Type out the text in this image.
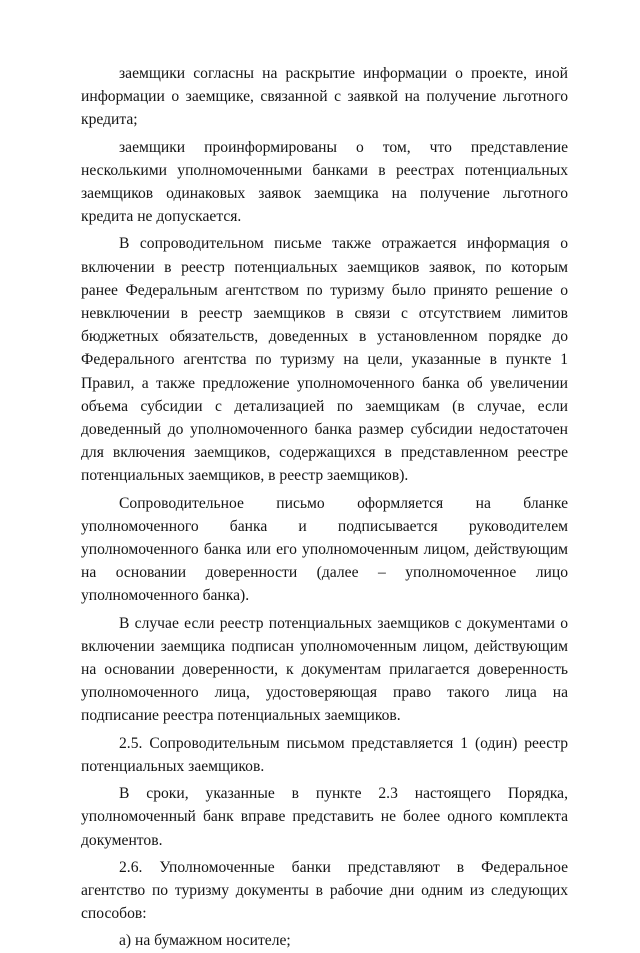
заемщики согласны на раскрытие информации о проекте, иной информации о заемщике, связанной с заявкой на получение льготного кредита;

заемщики проинформированы о том, что представление несколькими уполномоченными банками в реестрах потенциальных заемщиков одинаковых заявок заемщика на получение льготного кредита не допускается.

В сопроводительном письме также отражается информация о включении в реестр потенциальных заемщиков заявок, по которым ранее Федеральным агентством по туризму было принято решение о невключении в реестр заемщиков в связи с отсутствием лимитов бюджетных обязательств, доведенных в установленном порядке до Федерального агентства по туризму на цели, указанные в пункте 1 Правил, а также предложение уполномоченного банка об увеличении объема субсидии с детализацией по заемщикам (в случае, если доведенный до уполномоченного банка размер субсидии недостаточен для включения заемщиков, содержащихся в представленном реестре потенциальных заемщиков, в реестр заемщиков).

Сопроводительное письмо оформляется на бланке уполномоченного банка и подписывается руководителем уполномоченного банка или его уполномоченным лицом, действующим на основании доверенности (далее – уполномоченное лицо уполномоченного банка).

В случае если реестр потенциальных заемщиков с документами о включении заемщика подписан уполномоченным лицом, действующим на основании доверенности, к документам прилагается доверенность уполномоченного лица, удостоверяющая право такого лица на подписание реестра потенциальных заемщиков.

2.5. Сопроводительным письмом представляется 1 (один) реестр потенциальных заемщиков.

В сроки, указанные в пункте 2.3 настоящего Порядка, уполномоченный банк вправе представить не более одного комплекта документов.

2.6. Уполномоченные банки представляют в Федеральное агентство по туризму документы в рабочие дни одним из следующих способов:

а) на бумажном носителе;
